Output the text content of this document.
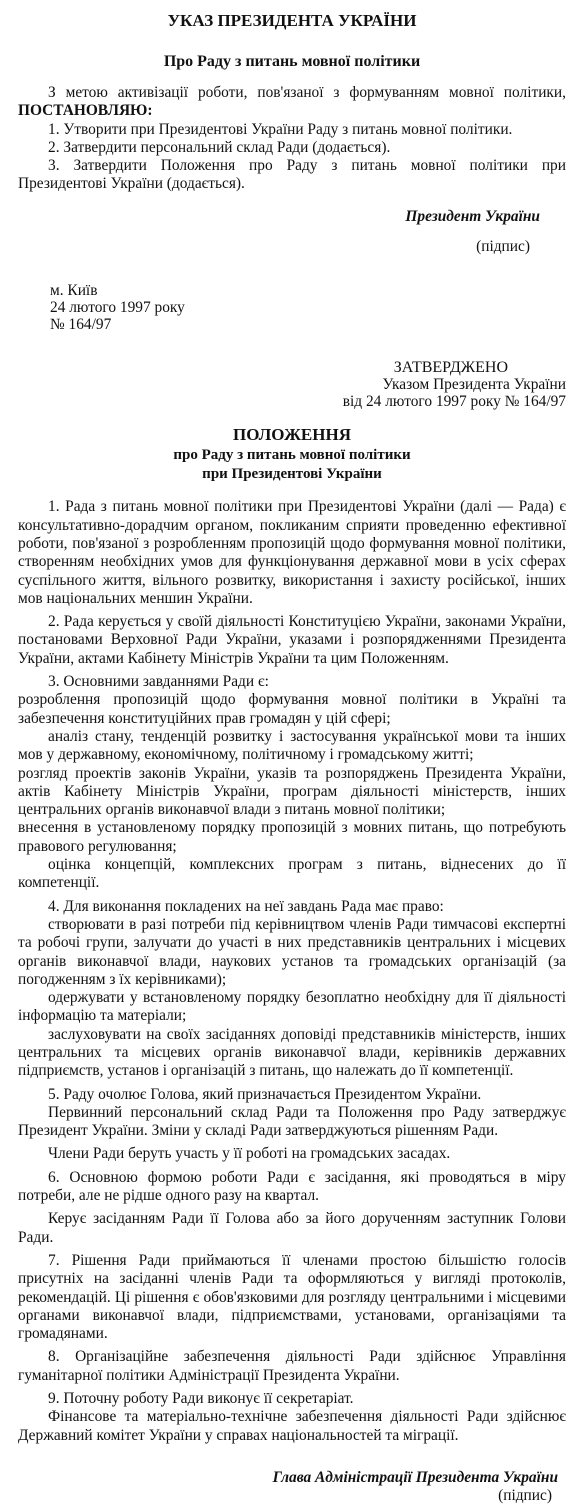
УКАЗ ПРЕЗИДЕНТА УКРАЇНИ
Про Раду з питань мовної політики

З метою активізації роботи, пов'язаної з формуванням мовної політики, ПОСТАНОВЛЯЮ:

1. Утворити при Президентові України Раду з питань мовної політики.

2. Затвердити персональний склад Ради (додається).

3. Затвердити Положення про Раду з питань мовної політики при Президентові України (додається).

Президент України
(підпис)
м. Київ
24 лютого 1997 року
№ 164/97
ЗАТВЕРДЖЕНО
Указом Президента України
від 24 лютого 1997 року № 164/97
ПОЛОЖЕННЯ
про Раду з питань мовної політики
при Президентові України

1. Рада з питань мовної політики при Президентові України (далі — Рада) є консультативно-дорадчим органом, покликаним сприяти проведенню ефективної роботи, пов'язаної з розробленням пропозицій щодо формування мовної політики, створенням необхідних умов для функціонування державної мови в усіх сферах суспільного життя, вільного розвитку, використання і захисту російської, інших мов національних меншин України.

2. Рада керується у своїй діяльності Конституцією України, законами України, постановами Верховної Ради України, указами і розпорядженнями Президента України, актами Кабінету Міністрів України та цим Положенням.

3. Основними завданнями Ради є:

розроблення пропозицій щодо формування мовної політики в Україні та забезпечення конституційних прав громадян у цій сфері;

аналіз стану, тенденцій розвитку і застосування української мови та інших мов у державному, економічному, політичному і громадському житті;

розгляд проектів законів України, указів та розпоряджень Президента України, актів Кабінету Міністрів України, програм діяльності міністерств, інших центральних органів виконавчої влади з питань мовної політики;

внесення в установленому порядку пропозицій з мовних питань, що потребують правового регулювання;

оцінка концепцій, комплексних програм з питань, віднесених до її компетенції.

4. Для виконання покладених на неї завдань Рада має право:

створювати в разі потреби під керівництвом членів Ради тимчасові експертні та робочі групи, залучати до участі в них представників центральних і місцевих органів виконавчої влади, наукових установ та громадських організацій (за погодженням з їх керівниками);

одержувати у встановленому порядку безоплатно необхідну для її діяльності інформацію та матеріали;

заслуховувати на своїх засіданнях доповіді представників міністерств, інших центральних та місцевих органів виконавчої влади, керівників державних підприємств, установ і організацій з питань, що належать до її компетенції.

5. Раду очолює Голова, який призначається Президентом України.

Первинний персональний склад Ради та Положення про Раду затверджує Президент України. Зміни у складі Ради затверджуються рішенням Ради.

Члени Ради беруть участь у її роботі на громадських засадах.

6. Основною формою роботи Ради є засідання, які проводяться в міру потреби, але не рідше одного разу на квартал.

Керує засіданням Ради її Голова або за його дорученням заступник Голови Ради.

7. Рішення Ради приймаються її членами простою більшістю голосів присутніх на засіданні членів Ради та оформляються у вигляді протоколів, рекомендацій. Ці рішення є обов'язковими для розгляду центральними і місцевими органами виконавчої влади, підприємствами, установами, організаціями та громадянами.

8. Організаційне забезпечення діяльності Ради здійснює Управління гуманітарної політики Адміністрації Президента України.

9. Поточну роботу Ради виконує її секретаріат.

Фінансове та матеріально-технічне забезпечення діяльності Ради здійснює Державний комітет України у справах національностей та міграції.

Глава Адміністрації Президента України
(підпис)
